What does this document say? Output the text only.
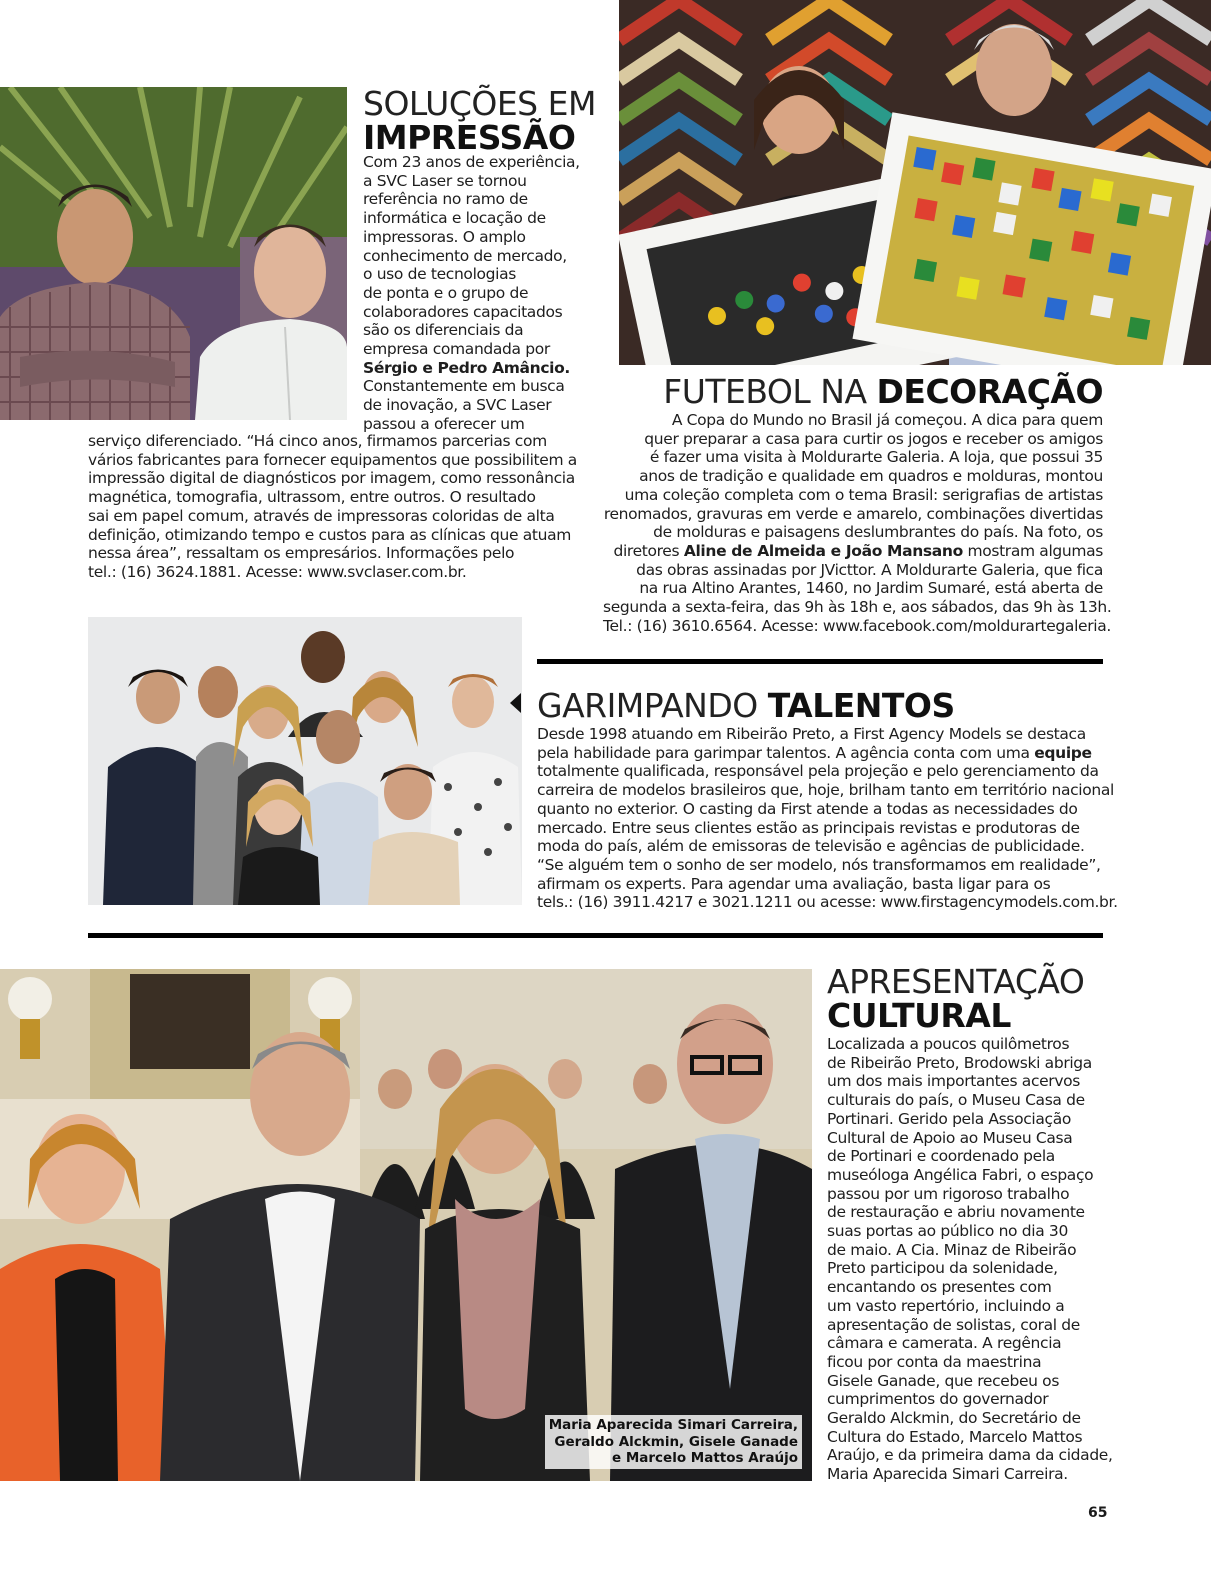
SOLUÇÕES EM
IMPRESSÃO
Com 23 anos de experiência,
a SVC Laser se tornou
referência no ramo de
informática e locação de
impressoras. O amplo
conhecimento de mercado,
o uso de tecnologias
de ponta e o grupo de
colaboradores capacitados
são os diferenciais da
empresa comandada por
Sérgio e Pedro Amâncio.
Constantemente em busca
de inovação, a SVC Laser
passou a oferecer um
serviço diferenciado. “Há cinco anos, firmamos parcerias com
vários fabricantes para fornecer equipamentos que possibilitem a
impressão digital de diagnósticos por imagem, como ressonância
magnética, tomografia, ultrassom, entre outros. O resultado
sai em papel comum, através de impressoras coloridas de alta
definição, otimizando tempo e custos para as clínicas que atuam
nessa área”, ressaltam os empresários. Informações pelo
tel.: (16) 3624.1881. Acesse: www.svclaser.com.br.
FUTEBOL NA DECORAÇÃO
A Copa do Mundo no Brasil já começou. A dica para quem
quer preparar a casa para curtir os jogos e receber os amigos
é fazer uma visita à Moldurarte Galeria. A loja, que possui 35
anos de tradição e qualidade em quadros e molduras, montou
uma coleção completa com o tema Brasil: serigrafias de artistas
renomados, gravuras em verde e amarelo, combinações divertidas
de molduras e paisagens deslumbrantes do país. Na foto, os
diretores Aline de Almeida e João Mansano mostram algumas
das obras assinadas por JVicttor. A Moldurarte Galeria, que fica
na rua Altino Arantes, 1460, no Jardim Sumaré, está aberta de
segunda a sexta-feira, das 9h às 18h e, aos sábados, das 9h às 13h.
Tel.: (16) 3610.6564. Acesse: www.facebook.com/moldurartegaleria.
GARIMPANDO TALENTOS
Desde 1998 atuando em Ribeirão Preto, a First Agency Models se destaca
pela habilidade para garimpar talentos. A agência conta com uma equipe
totalmente qualificada, responsável pela projeção e pelo gerenciamento da
carreira de modelos brasileiros que, hoje, brilham tanto em território nacional
quanto no exterior. O casting da First atende a todas as necessidades do
mercado. Entre seus clientes estão as principais revistas e produtoras de
moda do país, além de emissoras de televisão e agências de publicidade.
“Se alguém tem o sonho de ser modelo, nós transformamos em realidade”,
afirmam os experts. Para agendar uma avaliação, basta ligar para os
tels.: (16) 3911.4217 e 3021.1211 ou acesse: www.firstagencymodels.com.br.
Maria Aparecida Simari Carreira,
Geraldo Alckmin, Gisele Ganade
e Marcelo Mattos Araújo
APRESENTAÇÃO
CULTURAL
Localizada a poucos quilômetros
de Ribeirão Preto, Brodowski abriga
um dos mais importantes acervos
culturais do país, o Museu Casa de
Portinari. Gerido pela Associação
Cultural de Apoio ao Museu Casa
de Portinari e coordenado pela
museóloga Angélica Fabri, o espaço
passou por um rigoroso trabalho
de restauração e abriu novamente
suas portas ao público no dia 30
de maio. A Cia. Minaz de Ribeirão
Preto participou da solenidade,
encantando os presentes com
um vasto repertório, incluindo a
apresentação de solistas, coral de
câmara e camerata. A regência
ficou por conta da maestrina
Gisele Ganade, que recebeu os
cumprimentos do governador
Geraldo Alckmin, do Secretário de
Cultura do Estado, Marcelo Mattos
Araújo, e da primeira dama da cidade,
Maria Aparecida Simari Carreira.
65
